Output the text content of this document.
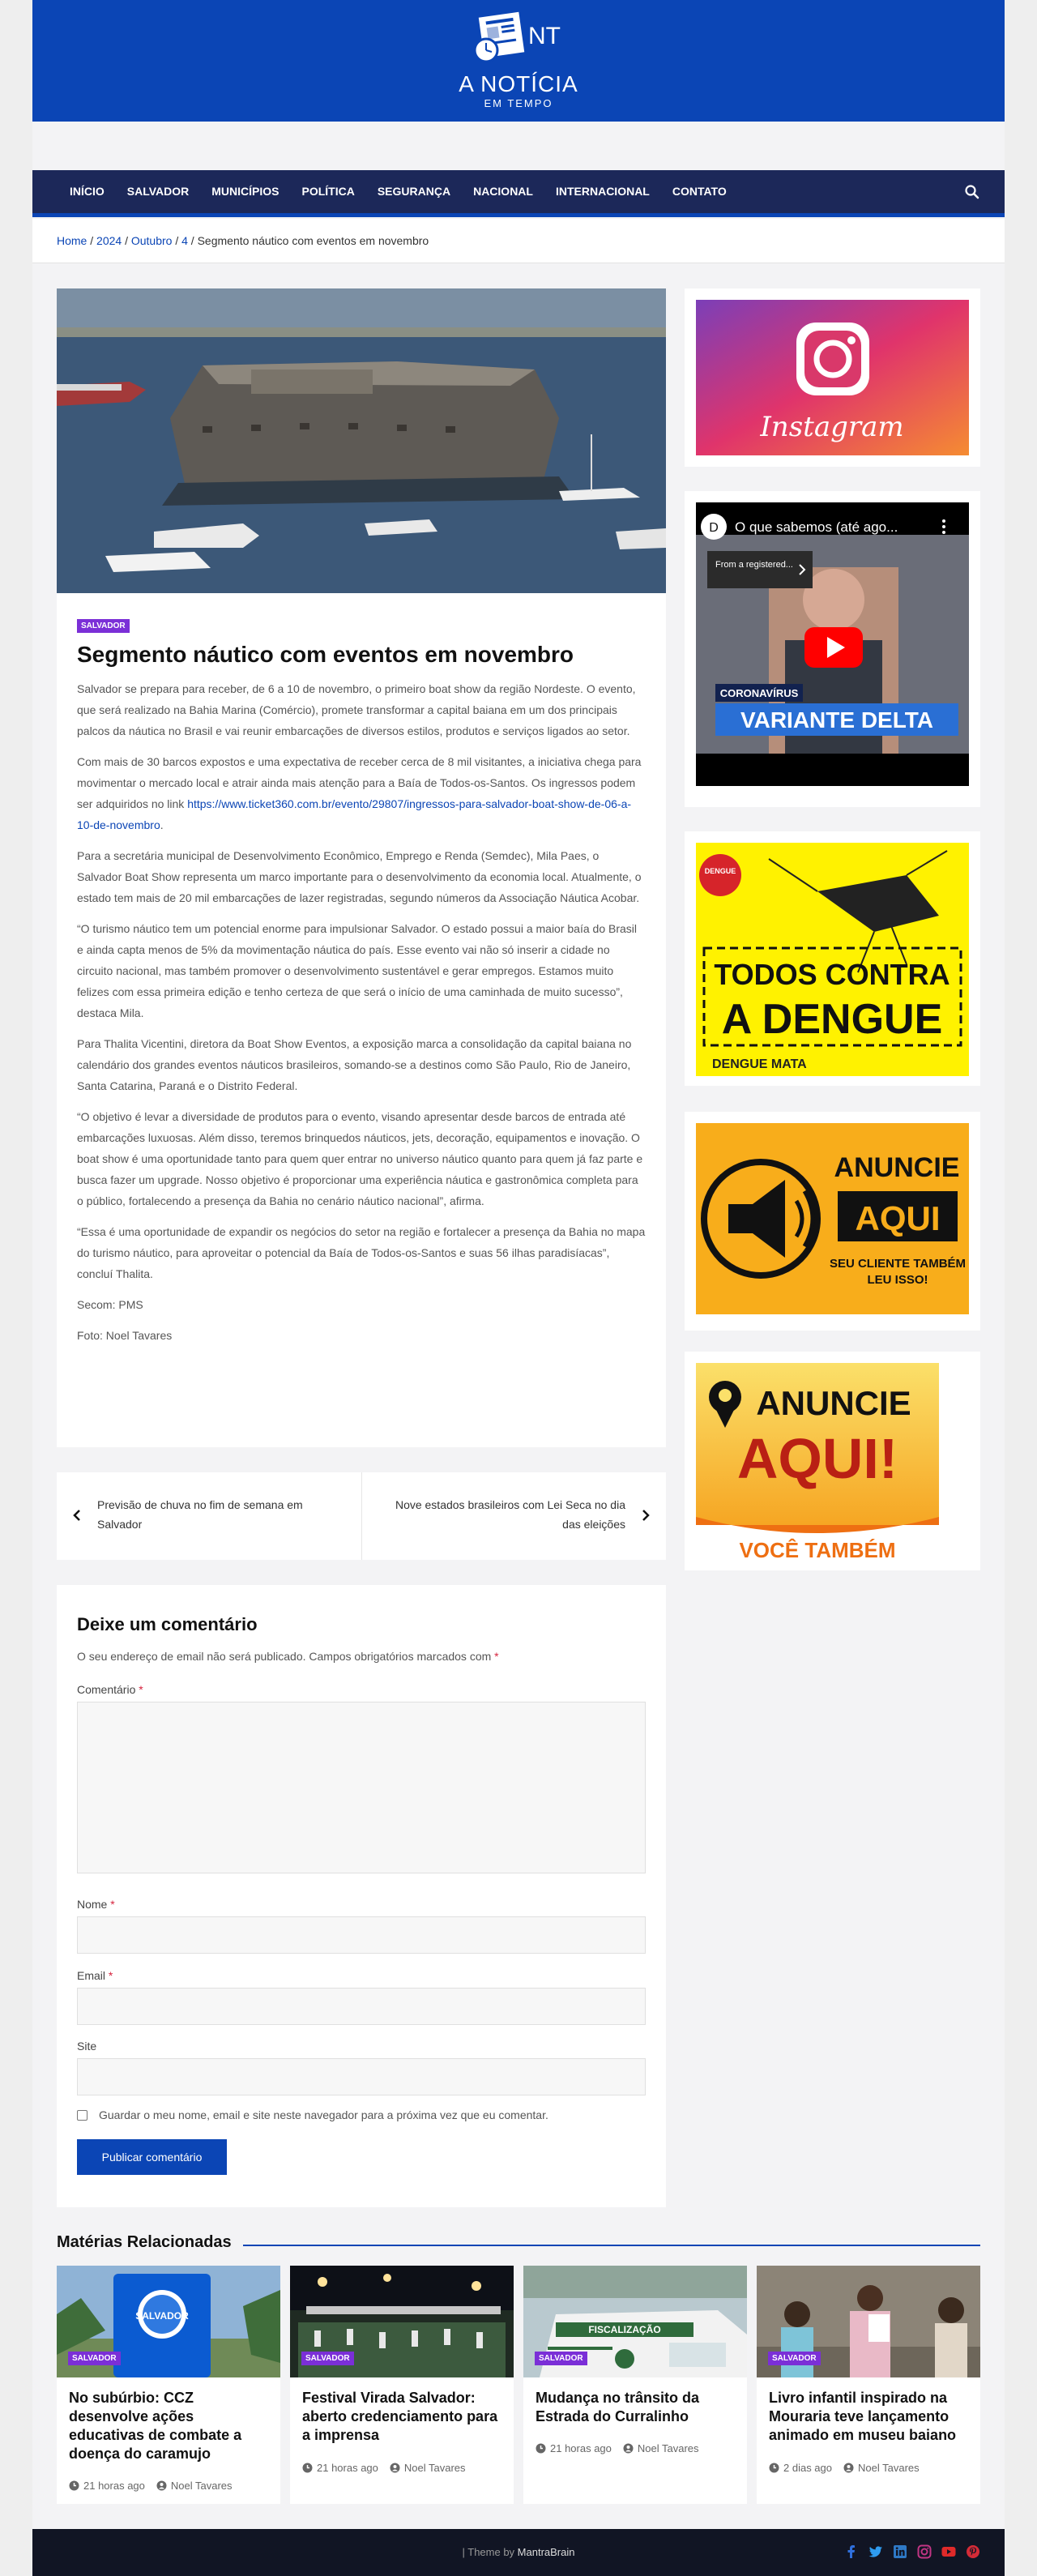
NT
A NOTÍCIA
EM TEMPO
INÍCIO	SALVADOR	MUNICÍPIOS	POLÍTICA	SEGURANÇA	NACIONAL	INTERNACIONAL	CONTATO
Home / 2024 / Outubro / 4 / Segmento náutico com eventos em novembro
SALVADOR
Segmento náutico com eventos em novembro

Salvador se prepara para receber, de 6 a 10 de novembro, o primeiro boat show da região Nordeste. O evento, que será realizado na Bahia Marina (Comércio), promete transformar a capital baiana em um dos principais palcos da náutica no Brasil e vai reunir embarcações de diversos estilos, produtos e serviços ligados ao setor.

Com mais de 30 barcos expostos e uma expectativa de receber cerca de 8 mil visitantes, a iniciativa chega para movimentar o mercado local e atrair ainda mais atenção para a Baía de Todos-os-Santos. Os ingressos podem ser adquiridos no link https://www.ticket360.com.br/evento/29807/ingressos-para-salvador-boat-show-de-06-a-10-de-novembro.

Para a secretária municipal de Desenvolvimento Econômico, Emprego e Renda (Semdec), Mila Paes, o Salvador Boat Show representa um marco importante para o desenvolvimento da economia local. Atualmente, o estado tem mais de 20 mil embarcações de lazer registradas, segundo números da Associação Náutica Acobar.

“O turismo náutico tem um potencial enorme para impulsionar Salvador. O estado possui a maior baía do Brasil e ainda capta menos de 5% da movimentação náutica do país. Esse evento vai não só inserir a cidade no circuito nacional, mas também promover o desenvolvimento sustentável e gerar empregos. Estamos muito felizes com essa primeira edição e tenho certeza de que será o início de uma caminhada de muito sucesso”, destaca Mila.

Para Thalita Vicentini, diretora da Boat Show Eventos, a exposição marca a consolidação da capital baiana no calendário dos grandes eventos náuticos brasileiros, somando-se a destinos como São Paulo, Rio de Janeiro, Santa Catarina, Paraná e o Distrito Federal.

“O objetivo é levar a diversidade de produtos para o evento, visando apresentar desde barcos de entrada até embarcações luxuosas. Além disso, teremos brinquedos náuticos, jets, decoração, equipamentos e inovação. O boat show é uma oportunidade tanto para quem quer entrar no universo náutico quanto para quem já faz parte e busca fazer um upgrade. Nosso objetivo é proporcionar uma experiência náutica e gastronômica completa para o público, fortalecendo a presença da Bahia no cenário náutico nacional”, afirma.

“Essa é uma oportunidade de expandir os negócios do setor na região e fortalecer a presença da Bahia no mapa do turismo náutico, para aproveitar o potencial da Baía de Todos-os-Santos e suas 56 ilhas paradisíacas”, concluí Thalita.

Secom: PMS

Foto: Noel Tavares

Previsão de chuva no fim de semana em Salvador
Nove estados brasileiros com Lei Seca no dia das eleições
Deixe um comentário
O seu endereço de email não será publicado. Campos obrigatórios marcados com *
Comentário *
Nome *
Email *
Site
Guardar o meu nome, email e site neste navegador para a próxima vez que eu comentar.
Publicar comentário
Matérias Relacionadas
SALVADOR
SALVADOR
No subúrbio: CCZ desenvolve ações educativas de combate a doença do caramujo
21 horas ago Noel Tavares
SALVADOR
Festival Virada Salvador: aberto credenciamento para a imprensa
21 horas ago Noel Tavares
FISCALIZAÇÃO
SALVADOR
Mudança no trânsito da Estrada do Curralinho
21 horas ago Noel Tavares
SALVADOR
Livro infantil inspirado na Mouraria teve lançamento animado em museu baiano
2 dias ago Noel Tavares
Instagram
CORONAVÍRUS
VARIANTE DELTA
D O que sabemos (até ago...
From a registered...
DENGUE
TODOS CONTRA
A DENGUE
DENGUE MATA
ANUNCIE
AQUI
SEU CLIENTE TAMBÉM
LEU ISSO!
ANUNCIE
AQUI!
VOCÊ TAMBÉM
| Theme by MantraBrain
